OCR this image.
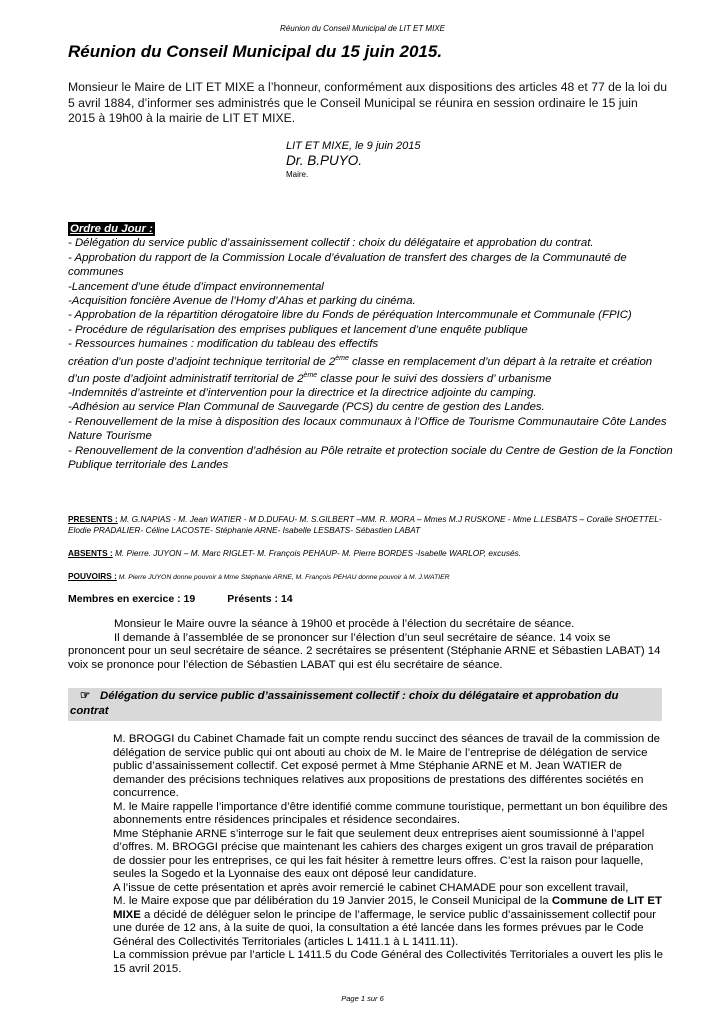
Réunion du Conseil Municipal de LIT ET MIXE
Réunion du Conseil Municipal du 15 juin 2015.
Monsieur le Maire de LIT ET MIXE a l’honneur, conformément aux dispositions des articles 48 et 77 de la loi du 5 avril 1884, d’informer ses administrés que le Conseil Municipal se réunira en session ordinaire le 15 juin 2015 à 19h00 à la mairie de LIT ET MIXE.
LIT ET MIXE, le 9 juin 2015
Dr. B.PUYO.
Maire.
Ordre du Jour :
- Délégation du service public d’assainissement collectif : choix du délégataire et approbation du contrat.
- Approbation du rapport de la Commission Locale d’évaluation de transfert des charges de la Communauté de communes
-Lancement d’une étude d’impact environnemental
-Acquisition foncière Avenue de l’Homy d’Ahas et parking du cinéma.
- Approbation de la répartition dérogatoire libre du Fonds de péréquation Intercommunale et Communale (FPIC)
- Procédure de régularisation des emprises publiques et lancement d’une enquête publique
- Ressources humaines : modification du tableau des effectifs
création d’un poste d’adjoint technique territorial de 2ème classe en remplacement d’un départ à la retraite et création d’un poste d’adjoint administratif territorial de 2ème classe pour le suivi des dossiers d’ urbanisme
-Indemnités d’astreinte et d’intervention pour la directrice et la directrice adjointe du camping.
-Adhésion au service Plan Communal de Sauvegarde (PCS) du centre de gestion des Landes.
- Renouvellement de la mise à disposition des locaux communaux à l’Office de Tourisme Communautaire Côte Landes Nature Tourisme
- Renouvellement de la convention d’adhésion au Pôle retraite et protection sociale du Centre de Gestion de la Fonction Publique territoriale des Landes
PRESENTS : M. G.NAPIAS - M. Jean WATIER - M D.DUFAU- M. S.GILBERT –MM. R. MORA – Mmes M.J RUSKONE - Mme L.LESBATS – Coralie SHOETTEL-Elodie PRADALIER- Céline LACOSTE- Stéphanie ARNE- Isabelle LESBATS- Sébastien LABAT
ABSENTS : M. Pierre. JUYON – M. Marc RIGLET- M. François PEHAUP- M. Pierre BORDES -Isabelle WARLOP, excusés.
POUVOIRS : M. Pierre JUYON donne pouvoir à Mme Stéphanie ARNE, M. François PEHAU donne pouvoir à M. J.WATIER
Membres en exercice : 19	Présents : 14
Monsieur le Maire ouvre la séance à 19h00 et procède à l’élection du secrétaire de séance.
Il demande à l’assemblée de se prononcer sur l’élection d’un seul secrétaire de séance. 14 voix se prononcent pour un seul secrétaire de séance. 2 secrétaires se présentent (Stéphanie ARNE et Sébastien LABAT) 14 voix se prononce pour l’élection de Sébastien LABAT qui est élu secrétaire de séance.
☞ Délégation du service public d’assainissement collectif : choix du délégataire et approbation du contrat

M. BROGGI du Cabinet Chamade fait un compte rendu succinct des séances de travail de la commission de délégation de service public qui ont abouti au choix de M. le Maire de l’entreprise de délégation de service public d’assainissement collectif. Cet exposé permet à Mme Stéphanie ARNE et M. Jean WATIER de demander des précisions techniques relatives aux propositions de prestations des différentes sociétés en concurrence.

M. le Maire rappelle l’importance d’être identifié comme commune touristique, permettant un bon équilibre des abonnements entre résidences principales et résidence secondaires.

Mme Stéphanie ARNE s’interroge sur le fait que seulement deux entreprises aient soumissionné à l’appel d’offres. M. BROGGI précise que maintenant les cahiers des charges exigent un gros travail de préparation de dossier pour les entreprises, ce qui les fait hésiter à remettre leurs offres. C’est la raison pour laquelle, seules la Sogedo et la Lyonnaise des eaux ont déposé leur candidature.

A l’issue de cette présentation et après avoir remercié le cabinet CHAMADE pour son excellent travail,

M. le Maire expose que par délibération du 19 Janvier 2015, le Conseil Municipal de la Commune de LIT ET MIXE a décidé de déléguer selon le principe de l’affermage, le service public d’assainissement collectif pour une durée de 12 ans, à la suite de quoi, la consultation a été lancée dans les formes prévues par le Code Général des Collectivités Territoriales (articles L 1411.1 à L 1411.11).

La commission prévue par l’article L 1411.5 du Code Général des Collectivités Territoriales a ouvert les plis le 15 avril 2015.

Page 1 sur 6
